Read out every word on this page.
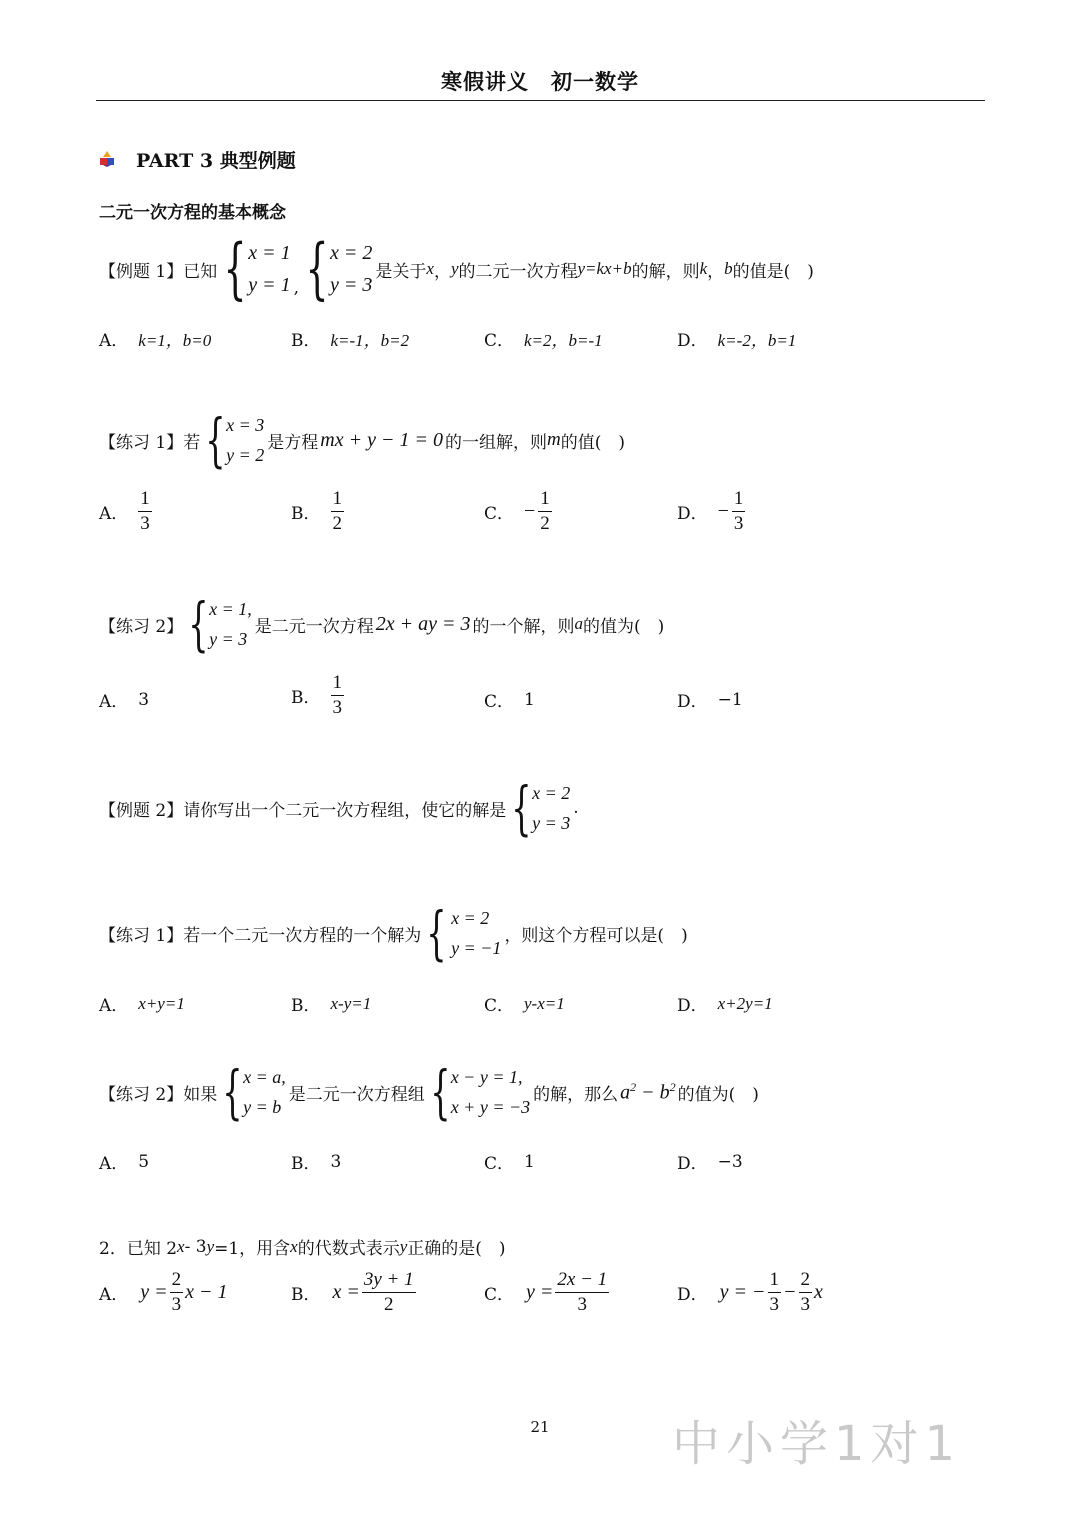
寒假讲义　初一数学
PART 3 典型例题
二元一次方程的基本概念
【例题 1】 已知 { x = 1
y = 1 , { x = 2
y = 3
是关于 x ， y 的二元一次方程 y=kx+b 的解，则 k ， b 的值是(　)
A． k=1，b=0	B． k=-1，b=2	C． k=2，b=-1	D． k=-2，b=1
【练习 1】 若 { x = 3
y = 2
是方程 mx + y − 1 = 0 的一组解，则 m 的值(　)
A． $\frac{1}{3}$	B． $\frac{1}{2}$	C． − $\frac{1}{2}$	D． − $\frac{1}{3}$
【练习 2】 { x = 1,
y = 3
是二元一次方程 2x + ay = 3 的一个解，则 a 的值为(　)
A． 3	B． $\frac{1}{3}$	C． 1	D． −1
【例题 2】 请你写出一个二元一次方程组，使它的解是 { x = 2
y = 3
.
【练习 1】 若一个二元一次方程的一个解为 { x = 2
y = −1
，则这个方程可以是(　)
A． x+y=1	B． x-y=1	C． y-x=1	D． x+2y=1
【练习 2】 如果 { x = a,
y = b
是二元一次方程组 { x − y = 1,
x + y = −3
的解，那么 $a^2 - b^2$ 的值为(　)
A． 5	B． 3	C． 1	D． −3
2．已知 2 x ‐ 3 y =1，用含 x 的代数式表示 y 正确的是(　)
A． $y = \frac{2}{3}$ x − 1	B． $x = \frac{3y + 1}{2}$	C． $y = \frac{2x - 1}{3}$	D． y = − $\frac{1}{3} - \frac{2}{3}$ x
21	中小学1对1
